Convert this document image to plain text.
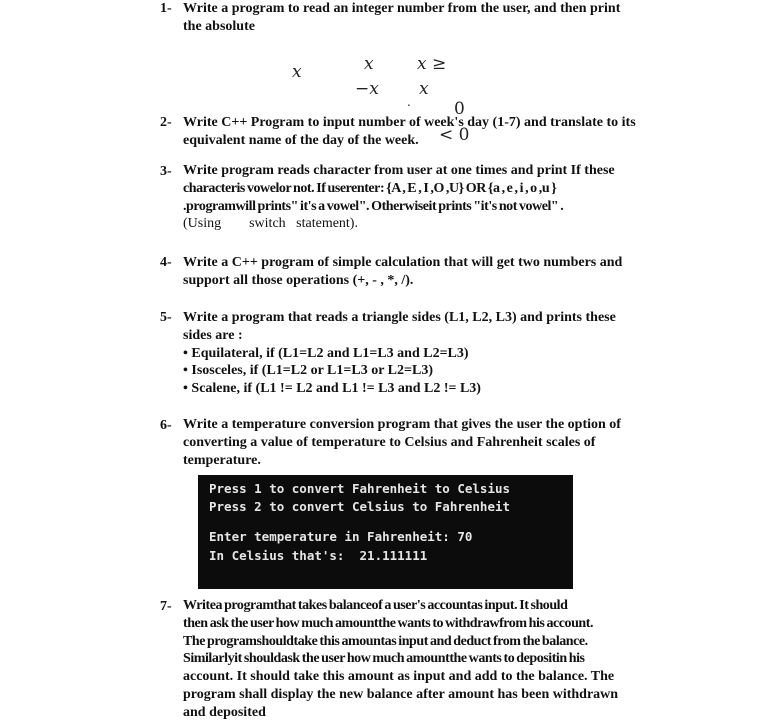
1- Write a program to read an integer number from the user, and then print
the absolute
x	x	x ≥
−x x
.	0
< 0
2- Write C++ Program to input number of week's day (1-7) and translate to its
equivalent name of the day of the week.
3- Write program reads character from user at one times and print If these
characteris vowelor not. If userenter: {A , E , I ,O ,U} OR {a , e , i , o ,u }
.programwill prints" it's a vowel". Otherwiseit prints "it's not vowel" .
(Using        switch   statement).
4- Write a C++ program of simple calculation that will get two numbers and
support all those operations (+, - , *, /).
5- Write a program that reads a triangle sides (L1, L2, L3) and prints these
sides are :
• Equilateral, if (L1=L2 and L1=L3 and L2=L3)
• Isosceles, if (L1=L2 or L1=L3 or L2=L3)
• Scalene, if (L1 != L2 and L1 != L3 and L2 != L3)
6- Write a temperature conversion program that gives the user the option of
converting a value of temperature to Celsius and Fahrenheit scales of
temperature.
Press 1 to convert Fahrenheit to Celsius
Press 2 to convert Celsius to Fahrenheit
Enter temperature in Fahrenheit: 70
In Celsius that's:  21.111111
7- Writea programthat takes balanceof a user's accountas input. It should
then ask the user how much amountthe wants to withdrawfrom his account.
The programshouldtake this amountas input and deduct from the balance.
Similarlyit shouldask the user how much amountthe wants to depositin his
account. It should take this amount as input and add to the balance. The
program shall display the new balance after amount has been withdrawn
and deposited
